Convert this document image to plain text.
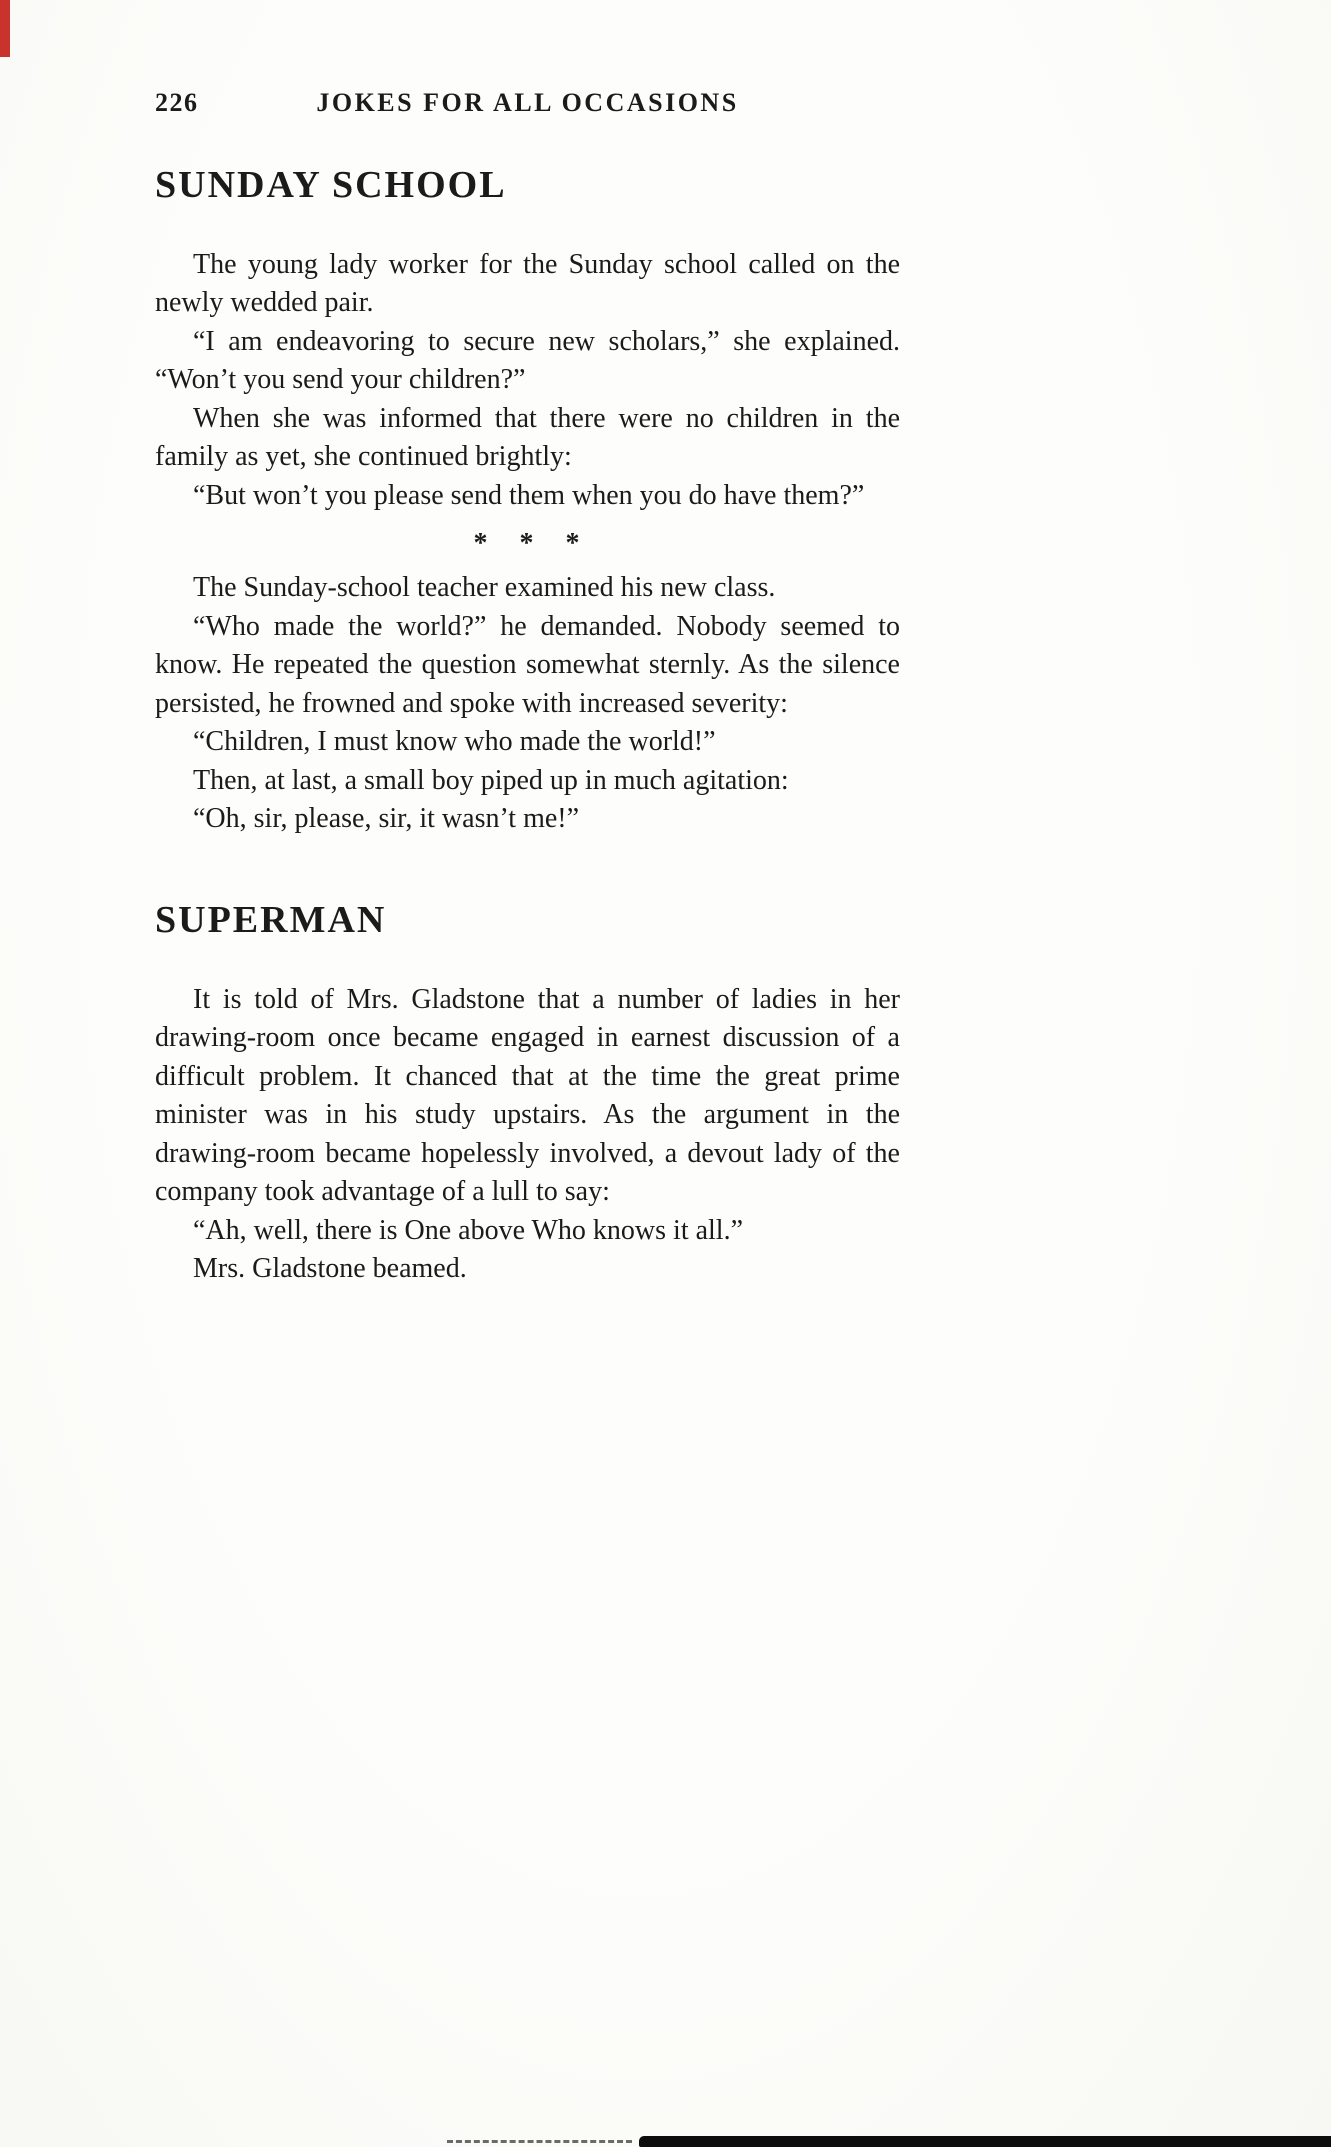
226	JOKES FOR ALL OCCASIONS
SUNDAY SCHOOL

The young lady worker for the Sunday school called on the newly wedded pair.

“I am endeavoring to secure new scholars,” she explained. “Won’t you send your children?”

When she was informed that there were no children in the family as yet, she continued brightly:

“But won’t you please send them when you do have them?”

* * *

The Sunday-school teacher examined his new class.

“Who made the world?” he demanded. Nobody seemed to know. He repeated the question somewhat sternly. As the silence persisted, he frowned and spoke with increased severity:

“Children, I must know who made the world!”

Then, at last, a small boy piped up in much agitation:

“Oh, sir, please, sir, it wasn’t me!”

SUPERMAN

It is told of Mrs. Gladstone that a number of ladies in her drawing-room once became engaged in earnest discussion of a difficult problem. It chanced that at the time the great prime minister was in his study upstairs. As the argument in the drawing-room became hopelessly involved, a devout lady of the company took advantage of a lull to say:

“Ah, well, there is One above Who knows it all.”

Mrs. Gladstone beamed.
